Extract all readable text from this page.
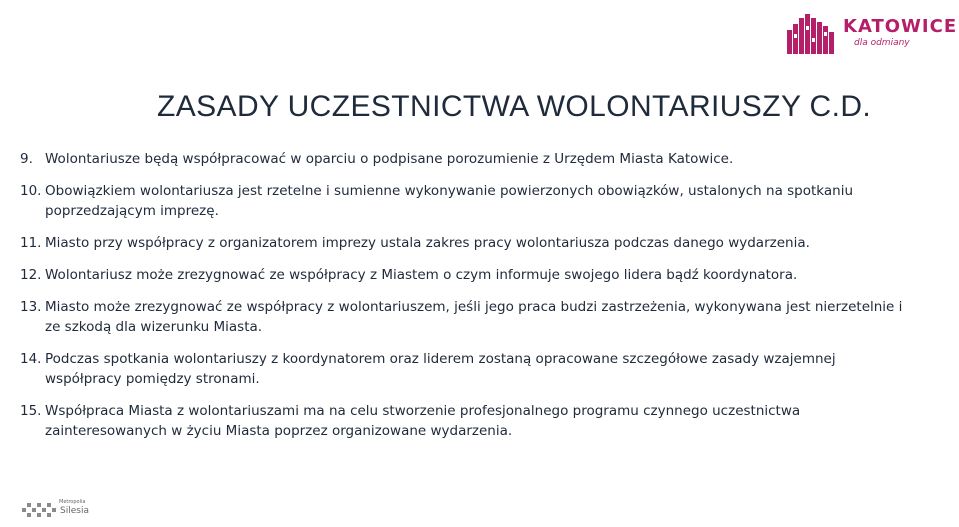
KATOWICE
dla odmiany
ZASADY UCZESTNICTWA WOLONTARIUSZY C.D.
9. Wolontariusze będą współpracować w oparciu o podpisane porozumienie z Urzędem Miasta Katowice.
10. Obowiązkiem wolontariusza jest rzetelne i sumienne wykonywanie powierzonych obowiązków, ustalonych na spotkaniu poprzedzającym imprezę.
11. Miasto przy współpracy z organizatorem imprezy ustala zakres pracy wolontariusza podczas danego wydarzenia.
12. Wolontariusz może zrezygnować ze współpracy z Miastem o czym informuje swojego lidera bądź koordynatora.
13. Miasto może zrezygnować ze współpracy z wolontariuszem, jeśli jego praca budzi zastrzeżenia, wykonywana jest nierzetelnie i ze szkodą dla wizerunku Miasta.
14. Podczas spotkania wolontariuszy z koordynatorem oraz liderem zostaną opracowane szczegółowe zasady wzajemnej współpracy pomiędzy stronami.
15. Współpraca Miasta z wolontariuszami ma na celu stworzenie profesjonalnego programu czynnego uczestnictwa zainteresowanych w życiu Miasta poprzez organizowane wydarzenia.
Metropolia
Silesia
